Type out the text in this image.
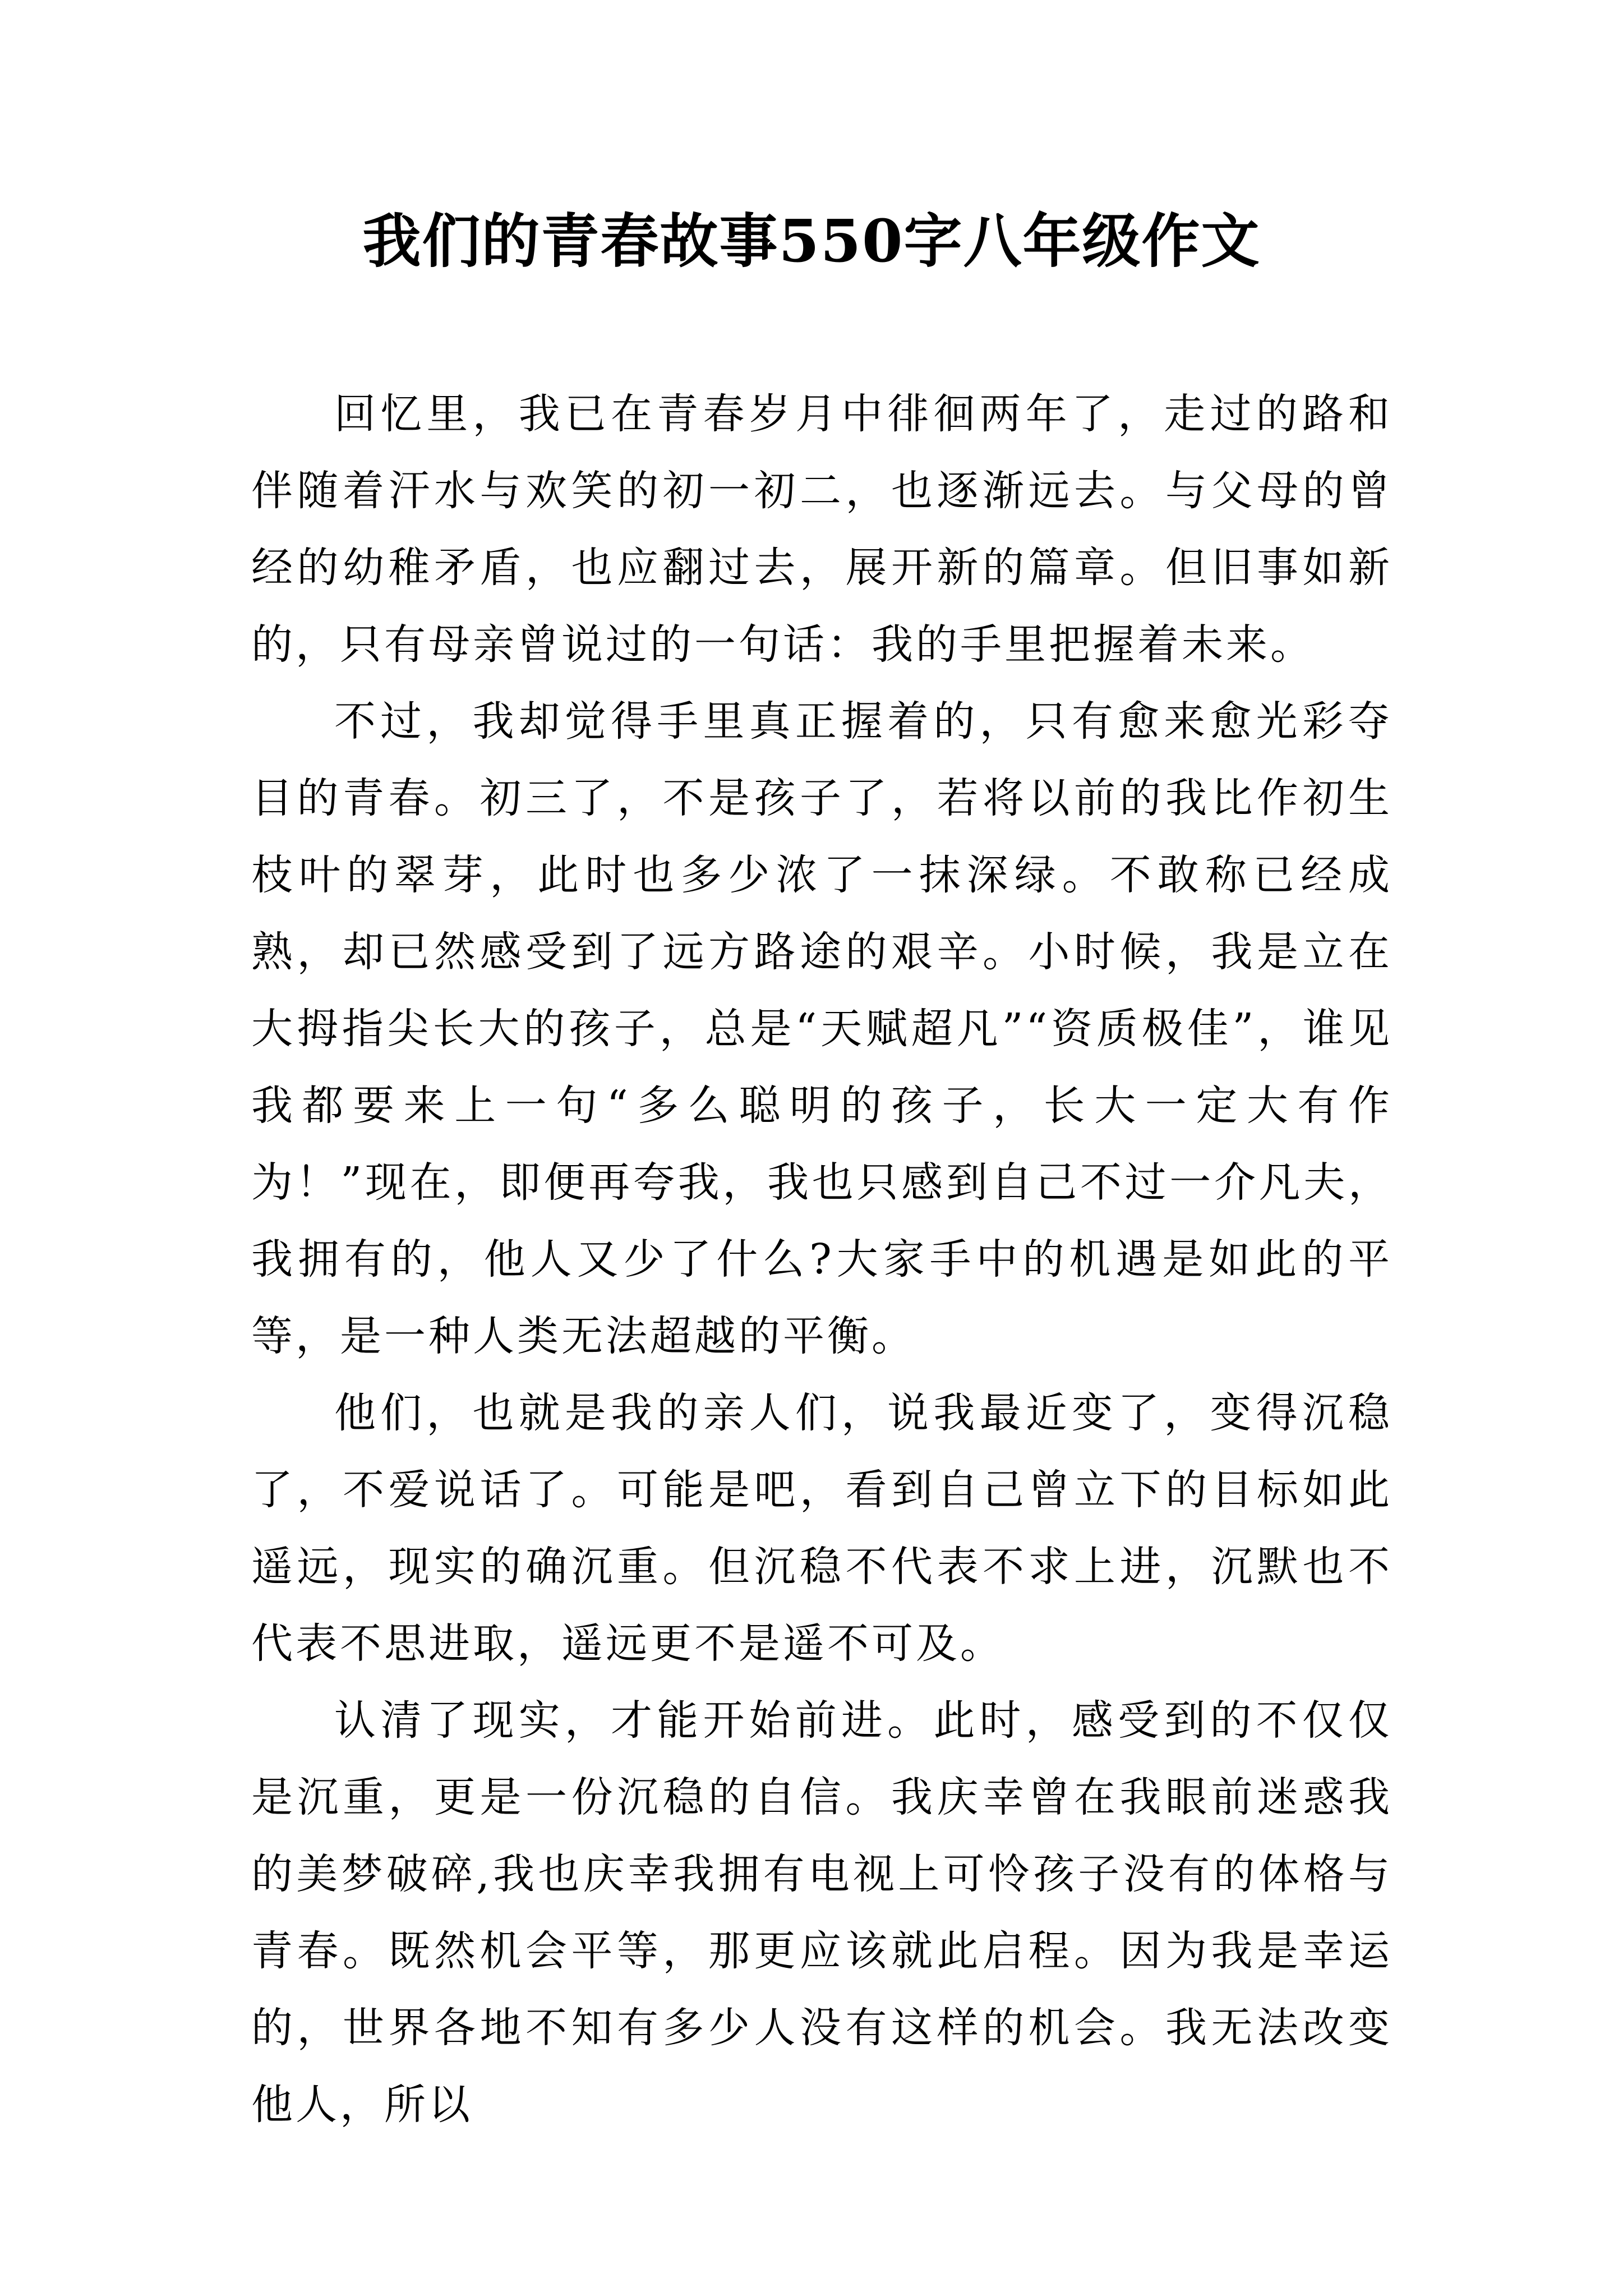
我们的青春故事550字八年级作文

回忆里，我已在青春岁月中徘徊两年了，走过的路和伴随着汗水与欢笑的初一初二，也逐渐远去。与父母的曾经的幼稚矛盾，也应翻过去，展开新的篇章。但旧事如新的，只有母亲曾说过的一句话：我的手里把握着未来。

不过，我却觉得手里真正握着的，只有愈来愈光彩夺目的青春。初三了，不是孩子了，若将以前的我比作初生枝叶的翠芽，此时也多少浓了一抹深绿。不敢称已经成熟，却已然感受到了远方路途的艰辛。小时候，我是立在大拇指尖长大的孩子，总是“天赋超凡”“资质极佳”，谁见我都要来上一句“多么聪明的孩子，长大一定大有作为！”现在，即便再夸我，我也只感到自己不过一介凡夫，我拥有的，他人又少了什么?大家手中的机遇是如此的平等，是一种人类无法超越的平衡。

他们，也就是我的亲人们，说我最近变了，变得沉稳了，不爱说话了。可能是吧，看到自己曾立下的目标如此遥远，现实的确沉重。但沉稳不代表不求上进，沉默也不代表不思进取，遥远更不是遥不可及。

认清了现实，才能开始前进。此时，感受到的不仅仅是沉重，更是一份沉稳的自信。我庆幸曾在我眼前迷惑我的美梦破碎,我也庆幸我拥有电视上可怜孩子没有的体格与青春。既然机会平等，那更应该就此启程。因为我是幸运的，世界各地不知有多少人没有这样的机会。我无法改变他人，所以
